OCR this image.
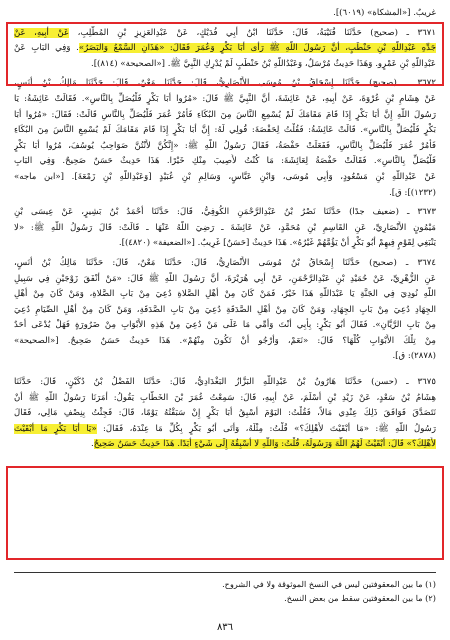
غريبٌ. [«المشكاة» (٦٠١٩)].
٣٦٧١ ـ (صحيح) حَدَّثَنَا قُتَيْبَةُ، قَالَ: حَدَّثَنَا ابْنُ أَبِي فُدَيْكٍ، عَنْ عَبْدِالعَزِيزِ بْنِ المُطَّلِبِ، عَنْ أَبِيهِ، عَنْ
جَدِّهِ عَبْدِاللَّهِ بْنِ حَنْطَبٍ، أَنَّ رَسُولَ اللَّهِ ﷺ رَأَى أَبَا بَكْرٍ وَعُمَرَ فَقَالَ: «هَذَانِ السَّمْعُ وَالبَصَرُ». وَفِي البَابِ عَنْ
عَبْدِاللَّهِ بْنِ عَمْرٍو. وَهَذَا حَدِيثٌ مُرْسَلٌ، وَعَبْدُاللَّهِ بْنُ حَنْطَبٍ لَمْ يُدْرِكِ النَّبِيَّ ﷺ. [«الصحيحة» (٨١٤)].
٣٦٧٢ ـ (صحيح) حَدَّثَنَا إِسْحَاقُ بْنُ مُوسَى الأَنْصَارِيُّ، قَالَ: حَدَّثَنَا مَعْنٌ، قَالَ: حَدَّثَنَا مَالِكُ بْنُ أَنَسٍ،
عَنْ هِشَامِ بْنِ عُرْوَةَ، عَنْ أَبِيهِ، عَنْ عَائِشَةَ، أَنَّ النَّبِيَّ ﷺ قَالَ: «مُرُوا أَبَا بَكْرٍ فَلْيُصَلِّ بِالنَّاسِ». فَقَالَتْ عَائِشَةُ: يَا
رَسُولَ اللَّهِ إِنَّ أَبَا بَكْرٍ إِذَا قَامَ مَقَامَكَ لَمْ يُسْمِعِ النَّاسَ مِنَ البُكَاءِ فَأْمُرْ عُمَرَ فَلْيُصَلِّ بِالنَّاسِ قَالَتْ: فَقَالَ: «مُرُوا أَبَا
بَكْرٍ فَلْيُصَلِّ بِالنَّاسِ». قَالَتْ عَائِشَةُ: فَقُلْتُ لِحَفْصَةَ: قُولِي لَهُ: إِنَّ أَبَا بَكْرٍ إِذَا قَامَ مَقَامَكَ لَمْ يُسْمِعِ النَّاسَ مِنَ البُكَاءِ
فَأْمُرْ عُمَرَ فَلْيُصَلِّ بِالنَّاسِ، فَفَعَلَتْ حَفْصَةُ، فَقَالَ رَسُولُ اللَّهِ ﷺ: «إِنَّكُنَّ لأَنْتُنَّ صَوَاحِبُ يُوسُفَ، مُرُوا أَبَا بَكْرٍ
فَلْيُصَلِّ بِالنَّاسِ». فَقَالَتْ حَفْصَةُ لِعَائِشَةَ: مَا كُنْتُ لأُصِيبَ مِنْكِ خَيْرًا. هَذَا حَدِيثٌ حَسَنٌ صَحِيحٌ. وَفِي البَابِ
عَنْ عَبْدِاللَّهِ بْنِ مَسْعُودٍ، وَأَبِي مُوسَى، وَابْنِ عَبَّاسٍ، وَسَالِمِ بْنِ عُبَيْدٍ [وَعَبْدِاللَّهِ بْنِ زَمْعَةَ]. [«ابن ماجه»
(١٢٣٢)]: ق].
٣٦٧٣ ـ (ضعيف جدًا) حَدَّثَنَا نَصْرُ بْنُ عَبْدِالرَّحْمَنِ الكُوفِيُّ، قَالَ: حَدَّثَنَا أَحْمَدُ بْنُ بَشِيرٍ، عَنْ عِيسَى بْنِ
مَيْمُونٍ الأَنْصَارِيِّ، عَنِ القَاسِمِ بْنِ مُحَمَّدٍ، عَنْ عَائِشَةَ ـ رَضِيَ اللَّهُ عَنْهَا ـ قَالَتْ: قَالَ رَسُولُ اللَّهِ ﷺ: «لا
يَنْبَغِي لِقَوْمٍ فِيهِمْ أَبُو بَكْرٍ أَنْ يَؤُمَّهُمْ غَيْرُهُ». هَذَا حَدِيثٌ [حَسَنٌ] غَرِيبٌ. [«الضعيفة» (٤٨٢٠)].
٣٦٧٤ ـ (صحيح) حَدَّثَنَا إِسْحَاقُ بْنُ مُوسَى الأَنْصَارِيُّ، قَالَ: حَدَّثَنَا مَعْنٌ، قَالَ: حَدَّثَنَا مَالِكُ بْنُ أَنَسٍ،
عَنِ الزُّهْرِيِّ، عَنْ حُمَيْدِ بْنِ عَبْدِالرَّحْمَنِ، عَنْ أَبِي هُرَيْرَةَ، أَنَّ رَسُولَ اللَّهِ ﷺ قَالَ: «مَنْ أَنْفَقَ زَوْجَيْنِ فِي سَبِيلِ
اللَّهِ نُودِيَ فِي الجَنَّةِ يَا عَبْدَاللَّهِ هَذَا خَيْرٌ، فَمَنْ كَانَ مِنْ أَهْلِ الصَّلاةِ دُعِيَ مِنْ بَابِ الصَّلاةِ، وَمَنْ كَانَ مِنْ أَهْلِ
الجِهَادِ دُعِيَ مِنْ بَابِ الجِهَادِ، وَمَنْ كَانَ مِنْ أَهْلِ الصَّدَقَةِ دُعِيَ مِنْ بَابِ الصَّدَقَةِ، وَمَنْ كَانَ مِنْ أَهْلِ الصِّيَامِ دُعِيَ
مِنْ بَابِ الرَّيَّانِ». فَقَالَ أَبُو بَكْرٍ: بِأَبِي أَنْتَ وَأُمِّي مَا عَلَى مَنْ دُعِيَ مِنْ هَذِهِ الأَبْوَابِ مِنْ ضَرُورَةٍ فَهَلْ يُدْعَى أَحَدٌ
مِنْ تِلْكَ الأَبْوَابِ كُلِّهَا؟ قَالَ: «نَعَمْ، وَأَرْجُو أَنْ تَكُونَ مِنْهُمْ». هَذَا حَدِيثٌ حَسَنٌ صَحِيحٌ. [«الصحيحة»
(٢٨٧٨): ق].
٣٦٧٥ ـ (حسن) حَدَّثَنَا هَارُونُ بْنُ عَبْدِاللَّهِ البَزَّازُ البَغْدَادِيُّ، قَالَ: حَدَّثَنَا الفَضْلُ بْنُ دُكَيْنٍ، قَالَ: حَدَّثَنَا
هِشَامُ بْنُ سَعْدٍ، عَنْ زَيْدِ بْنِ أَسْلَمَ، عَنْ أَبِيهِ، قَالَ: سَمِعْتُ عُمَرَ بْنَ الخَطَّابِ يَقُولُ: أَمَرَنَا رَسُولُ اللَّهِ ﷺ أَنْ
نَتَصَدَّقَ فَوَافَقَ ذَلِكَ عِنْدِي مَالاً، فَقُلْتُ: اليَوْمَ أَسْبِقُ أَبَا بَكْرٍ إِنْ سَبَقْتُهُ يَوْمًا، قَالَ: فَجِئْتُ بِنِصْفِ مَالِي، فَقَالَ
رَسُولُ اللَّهِ ﷺ: «مَا أَبْقَيْتَ لأَهْلِكَ؟» قُلْتُ: مِثْلَهُ، وَأَتَى أَبُو بَكْرٍ بِكُلِّ مَا عِنْدَهُ، فَقَالَ: «يَا أَبَا بَكْرٍ مَا أَبْقَيْتَ
لأَهْلِكَ؟» قَالَ: أَبْقَيْتُ لَهُمُ اللَّهَ وَرَسُولَهُ، قُلْتُ: وَاللَّهِ لا أَسْبِقُهُ إِلَى شَيْءٍ أَبَدًا. هَذَا حَدِيثٌ حَسَنٌ صَحِيحٌ.
(١) ما بين المعقوفتين ليس في النسخ الموثوقة ولا في الشروح.
(٢) ما بين المعقوفتين سقط من بعض النسخ.
٨٣٦
